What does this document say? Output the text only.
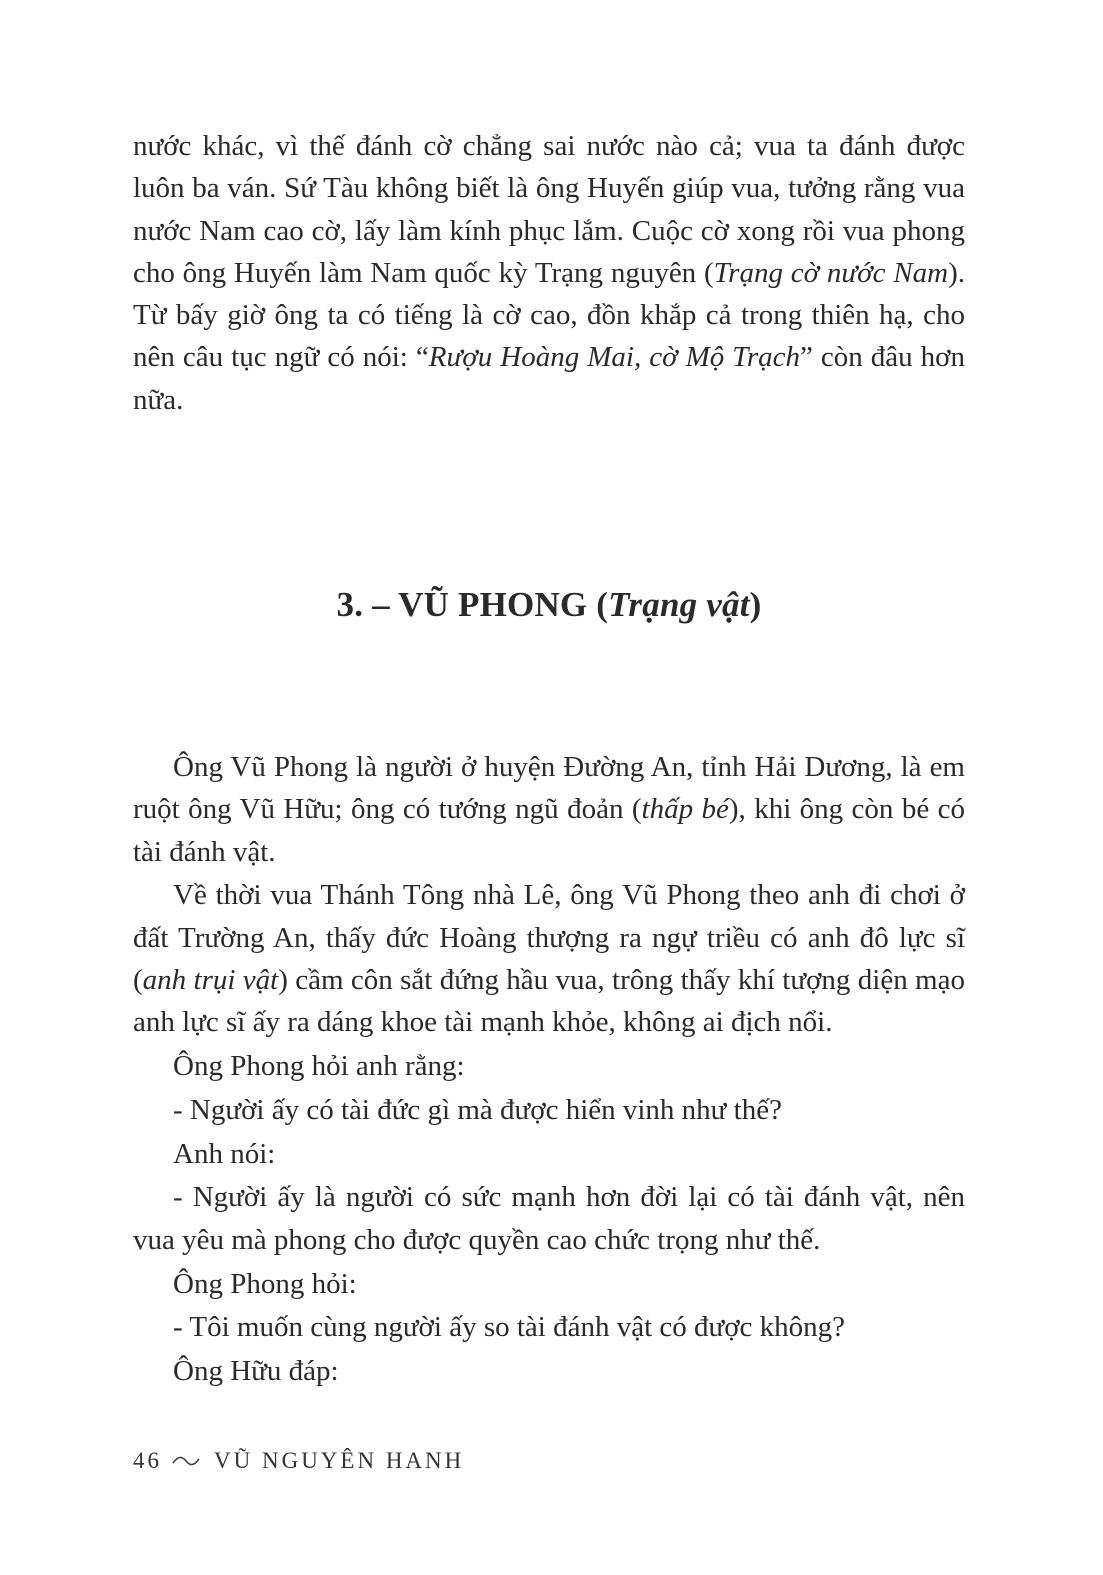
nước khác, vì thế đánh cờ chẳng sai nước nào cả; vua ta đánh được luôn ba ván. Sứ Tàu không biết là ông Huyến giúp vua, tưởng rằng vua nước Nam cao cờ, lấy làm kính phục lắm. Cuộc cờ xong rồi vua phong cho ông Huyến làm Nam quốc kỳ Trạng nguyên (Trạng cờ nước Nam). Từ bấy giờ ông ta có tiếng là cờ cao, đồn khắp cả trong thiên hạ, cho nên câu tục ngữ có nói: “Rượu Hoàng Mai, cờ Mộ Trạch” còn đâu hơn nữa.

3. – VŨ PHONG (Trạng vật)

Ông Vũ Phong là người ở huyện Đường An, tỉnh Hải Dương, là em ruột ông Vũ Hữu; ông có tướng ngũ đoản (thấp bé), khi ông còn bé có tài đánh vật.

Về thời vua Thánh Tông nhà Lê, ông Vũ Phong theo anh đi chơi ở đất Trường An, thấy đức Hoàng thượng ra ngự triều có anh đô lực sĩ (anh trụi vật) cầm côn sắt đứng hầu vua, trông thấy khí tượng diện mạo anh lực sĩ ấy ra dáng khoe tài mạnh khỏe, không ai địch nổi.

Ông Phong hỏi anh rằng:

- Người ấy có tài đức gì mà được hiển vinh như thế?

Anh nói:

- Người ấy là người có sức mạnh hơn đời lại có tài đánh vật, nên vua yêu mà phong cho được quyền cao chức trọng như thế.

Ông Phong hỏi:

- Tôi muốn cùng người ấy so tài đánh vật có được không?

Ông Hữu đáp:

46 VŨ NGUYÊN HANH
